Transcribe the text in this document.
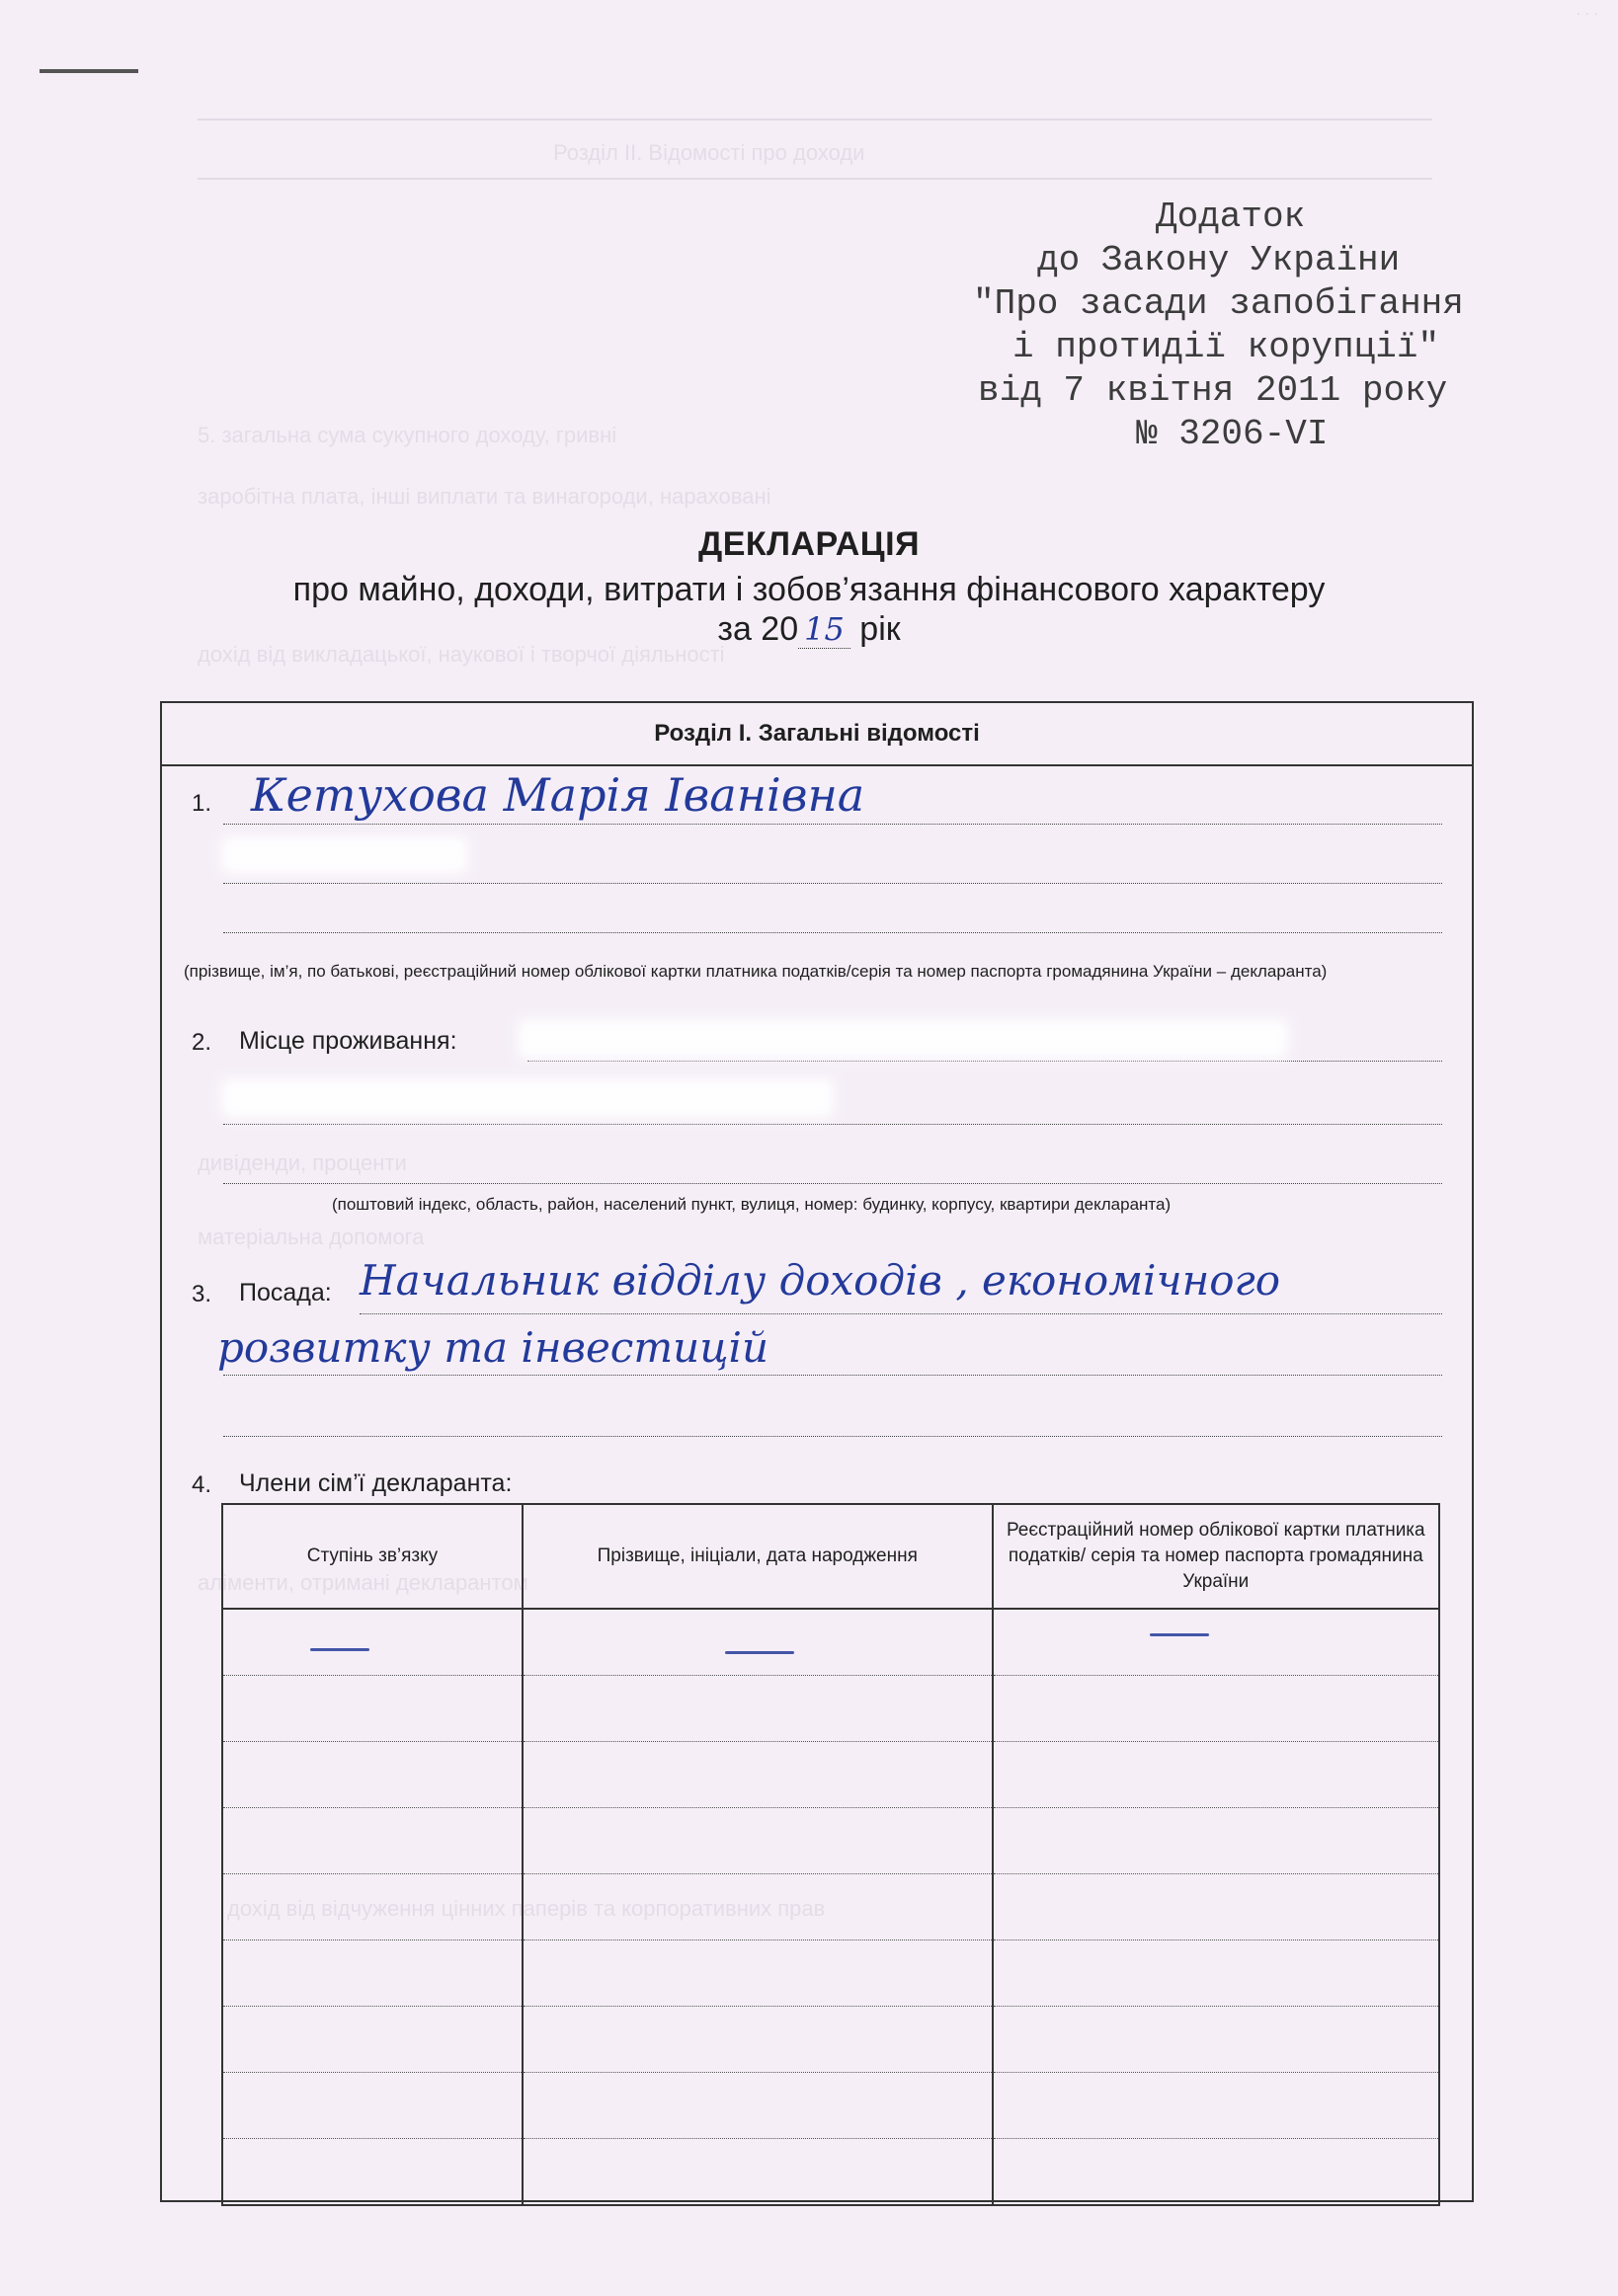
Розділ II. Відомості про доходи
5. загальна сума сукупного доходу, гривні
заробітна плата, інші виплати та винагороди, нараховані
дохід від викладацької, наукової і творчої діяльності
дивіденди, проценти
матеріальна допомога
аліменти, отримані декларантом
дохід від відчуження цінних паперів та корпоративних прав
. . .
Додаток
до Закону України
"Про засади запобігання
і протидії корупції"
від 7 квітня 2011 року
№ 3206-VI
ДЕКЛАРАЦІЯ
про майно, доходи, витрати і зобов’язання фінансового характеру
за 20 15 рік
Розділ I. Загальні відомості
1. Кетухова Марія Іванівна
(прізвище, ім’я, по батькові, реєстраційний номер облікової картки платника податків/серія та номер паспорта громадянина України – декларанта)
2. Місце проживання:
(поштовий індекс, область, район, населений пункт, вулиця, номер: будинку, корпусу, квартири декларанта)
3. Посада: Начальник відділу доходів , економічного
розвитку та інвестицій
4. Члени сім’ї декларанта:
Ступінь зв’язку	Прізвище, ініціали, дата народження	Реєстраційний номер облікової картки платника податків/ серія та номер паспорта громадянина України
